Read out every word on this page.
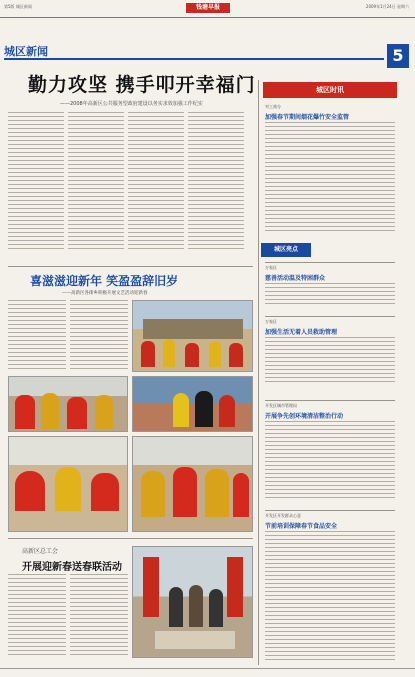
第5版 城区新闻	钱塘早报	2009年1月24日 星期六
城区新闻	5
勤力攻坚 携手叩开幸福门
——2008年高新区公共服务型政府建设以务实求效加强工作纪实
城区时讯
对工商分
加强春节期间烟花爆竹安全监管
城区亮点
万家区
慈善活动温及特困群众
万家区
加强生活无着人员救助管理
开发区城市管理局
开展争先创环境清洁整治行动
开发区开发群众心意
节前培训保障春节食品安全
喜滋滋迎新年 笑盈盈辞旧岁
——高新区各街乡积极开展文艺活动迎新春
高新区总工会
开展迎新春送春联活动
